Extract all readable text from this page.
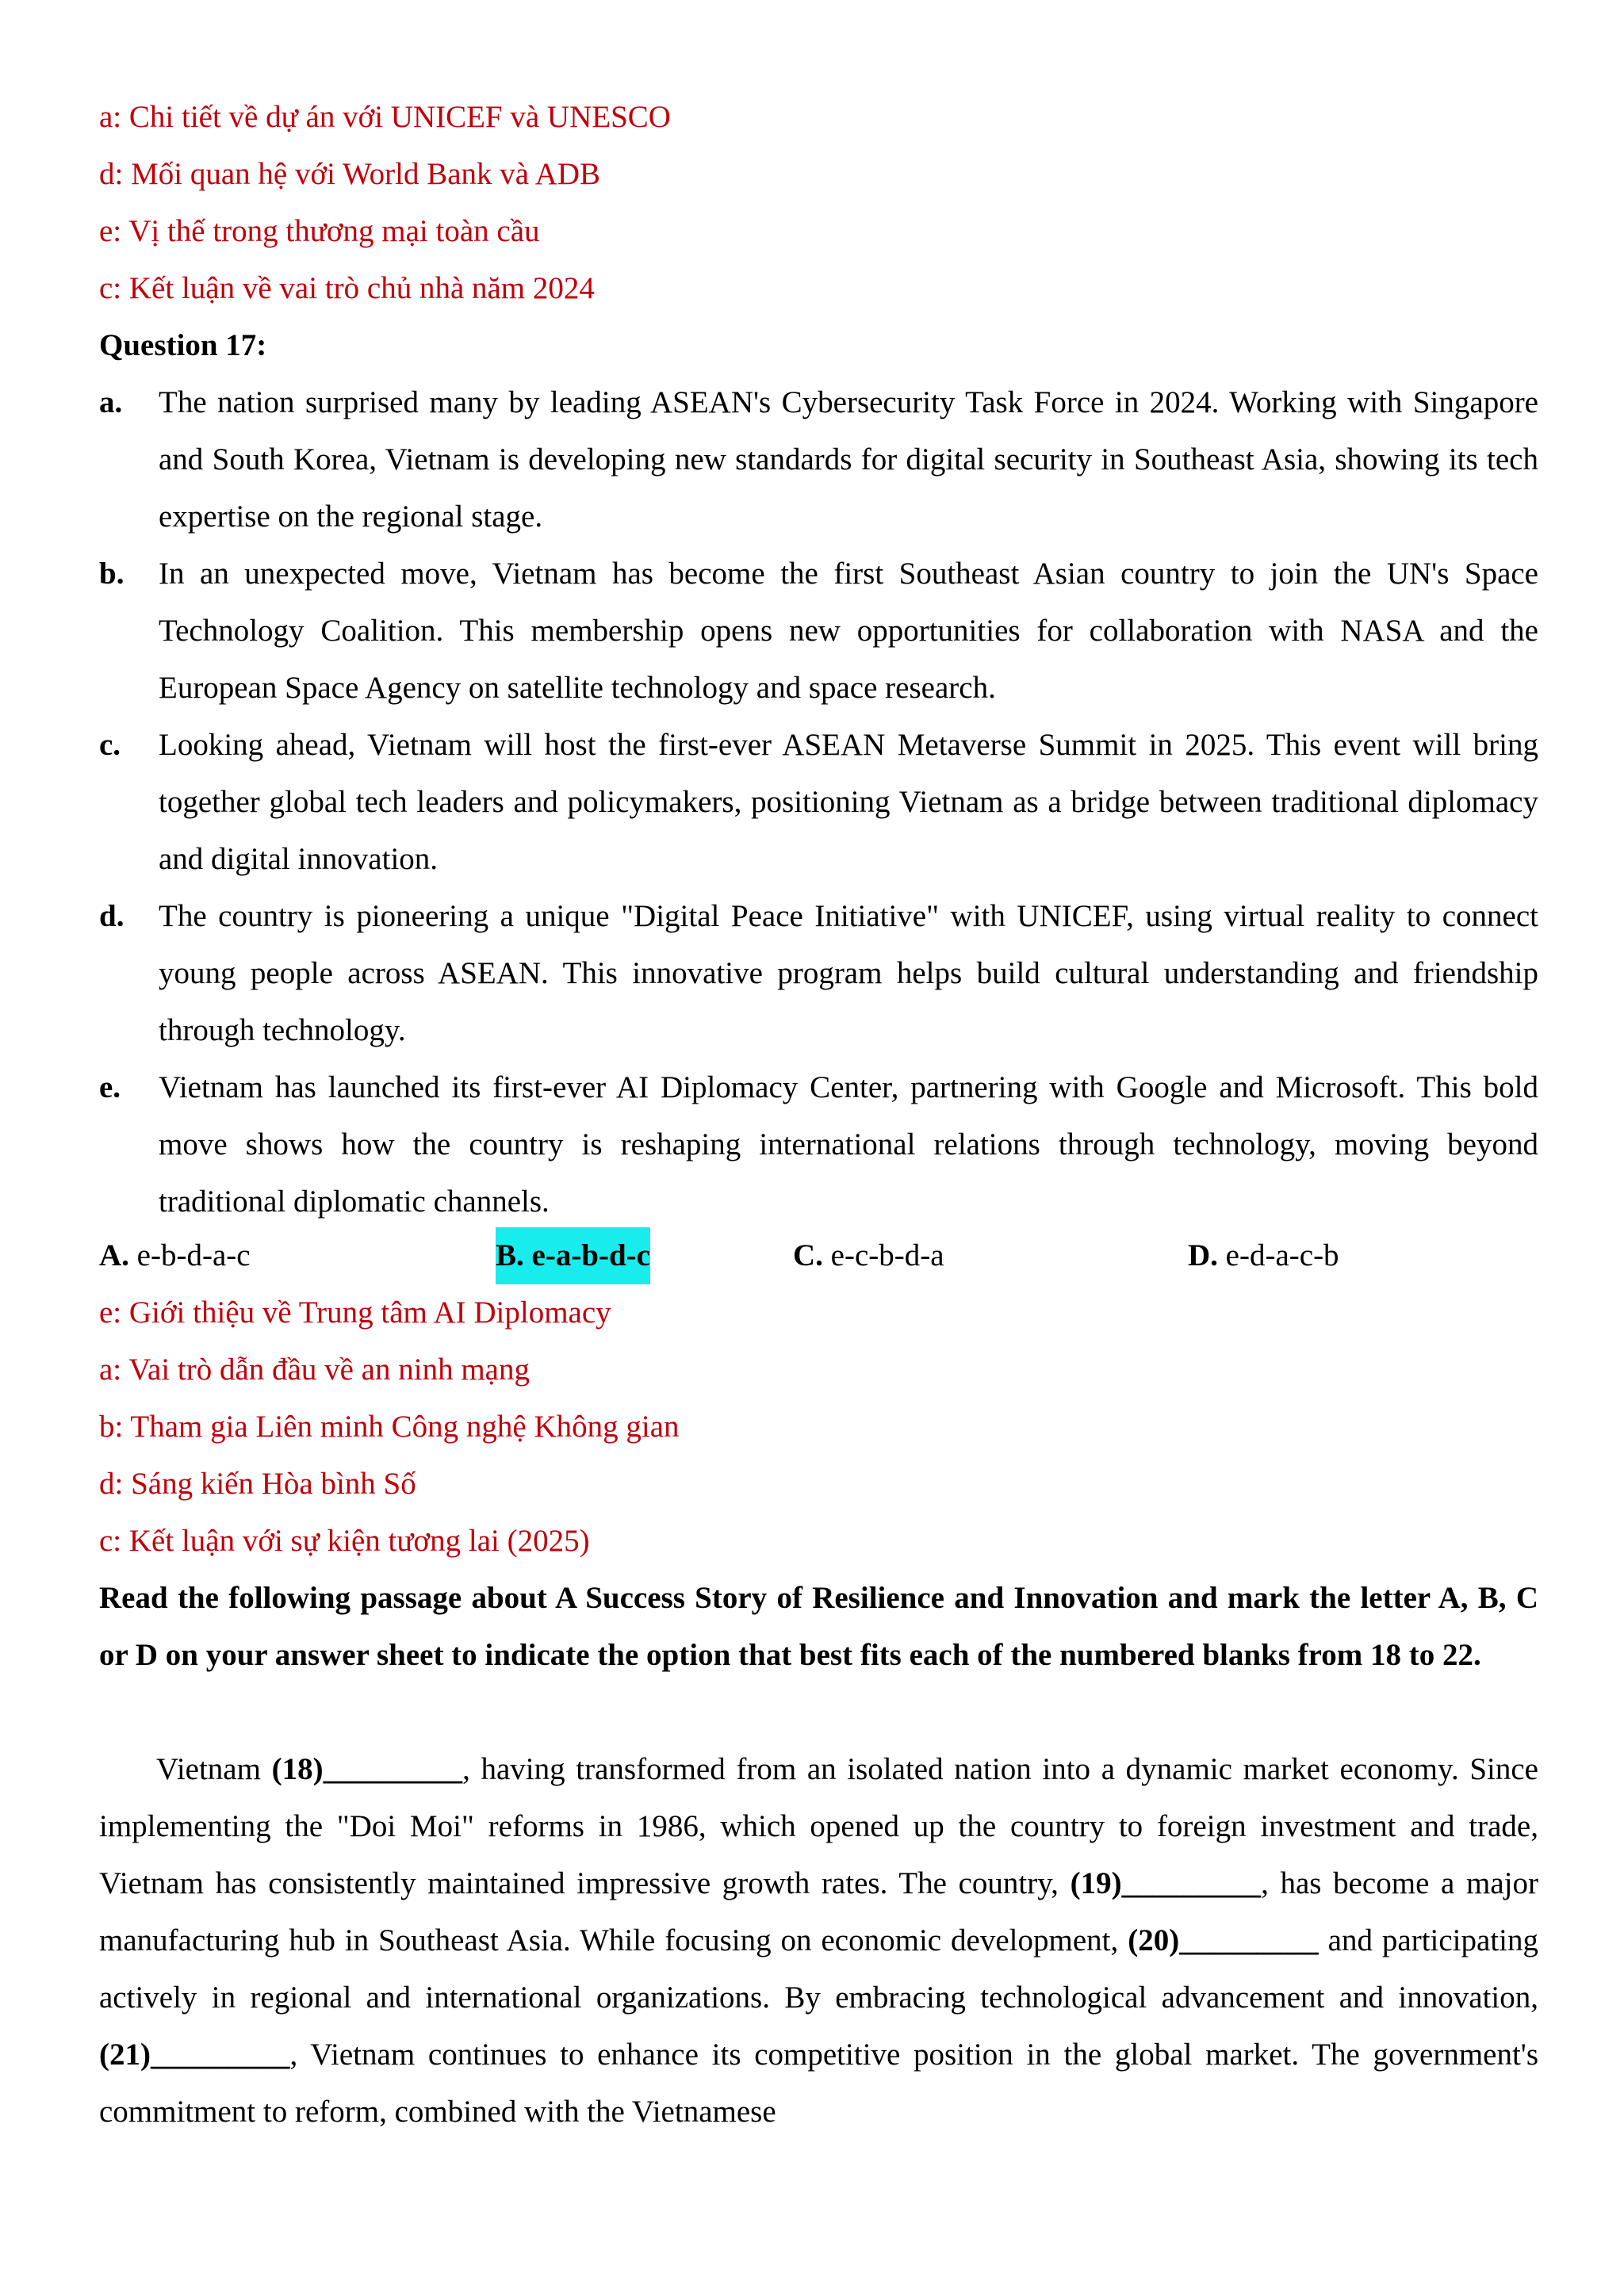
a: Chi tiết về dự án với UNICEF và UNESCO
d: Mối quan hệ với World Bank và ADB
e: Vị thế trong thương mại toàn cầu
c: Kết luận về vai trò chủ nhà năm 2024
Question 17:
a. The nation surprised many by leading ASEAN's Cybersecurity Task Force in 2024. Working with Singapore and South Korea, Vietnam is developing new standards for digital security in Southeast Asia, showing its tech expertise on the regional stage.
b. In an unexpected move, Vietnam has become the first Southeast Asian country to join the UN's Space Technology Coalition. This membership opens new opportunities for collaboration with NASA and the European Space Agency on satellite technology and space research.
c. Looking ahead, Vietnam will host the first-ever ASEAN Metaverse Summit in 2025. This event will bring together global tech leaders and policymakers, positioning Vietnam as a bridge between traditional diplomacy and digital innovation.
d. The country is pioneering a unique "Digital Peace Initiative" with UNICEF, using virtual reality to connect young people across ASEAN. This innovative program helps build cultural understanding and friendship through technology.
e. Vietnam has launched its first-ever AI Diplomacy Center, partnering with Google and Microsoft. This bold move shows how the country is reshaping international relations through technology, moving beyond traditional diplomatic channels.
A. e-b-d-a-c	B. e-a-b-d-c	C. e-c-b-d-a	D. e-d-a-c-b
e: Giới thiệu về Trung tâm AI Diplomacy
a: Vai trò dẫn đầu về an ninh mạng
b: Tham gia Liên minh Công nghệ Không gian
d: Sáng kiến Hòa bình Số
c: Kết luận với sự kiện tương lai (2025)
Read the following passage about A Success Story of Resilience and Innovation and mark the letter A, B, C or D on your answer sheet to indicate the option that best fits each of the numbered blanks from 18 to 22.
Vietnam (18)_________, having transformed from an isolated nation into a dynamic market economy. Since implementing the "Doi Moi" reforms in 1986, which opened up the country to foreign investment and trade, Vietnam has consistently maintained impressive growth rates. The country, (19)_________, has become a major manufacturing hub in Southeast Asia. While focusing on economic development, (20)_________ and participating actively in regional and international organizations. By embracing technological advancement and innovation, (21)_________, Vietnam continues to enhance its competitive position in the global market. The government's commitment to reform, combined with the Vietnamese
